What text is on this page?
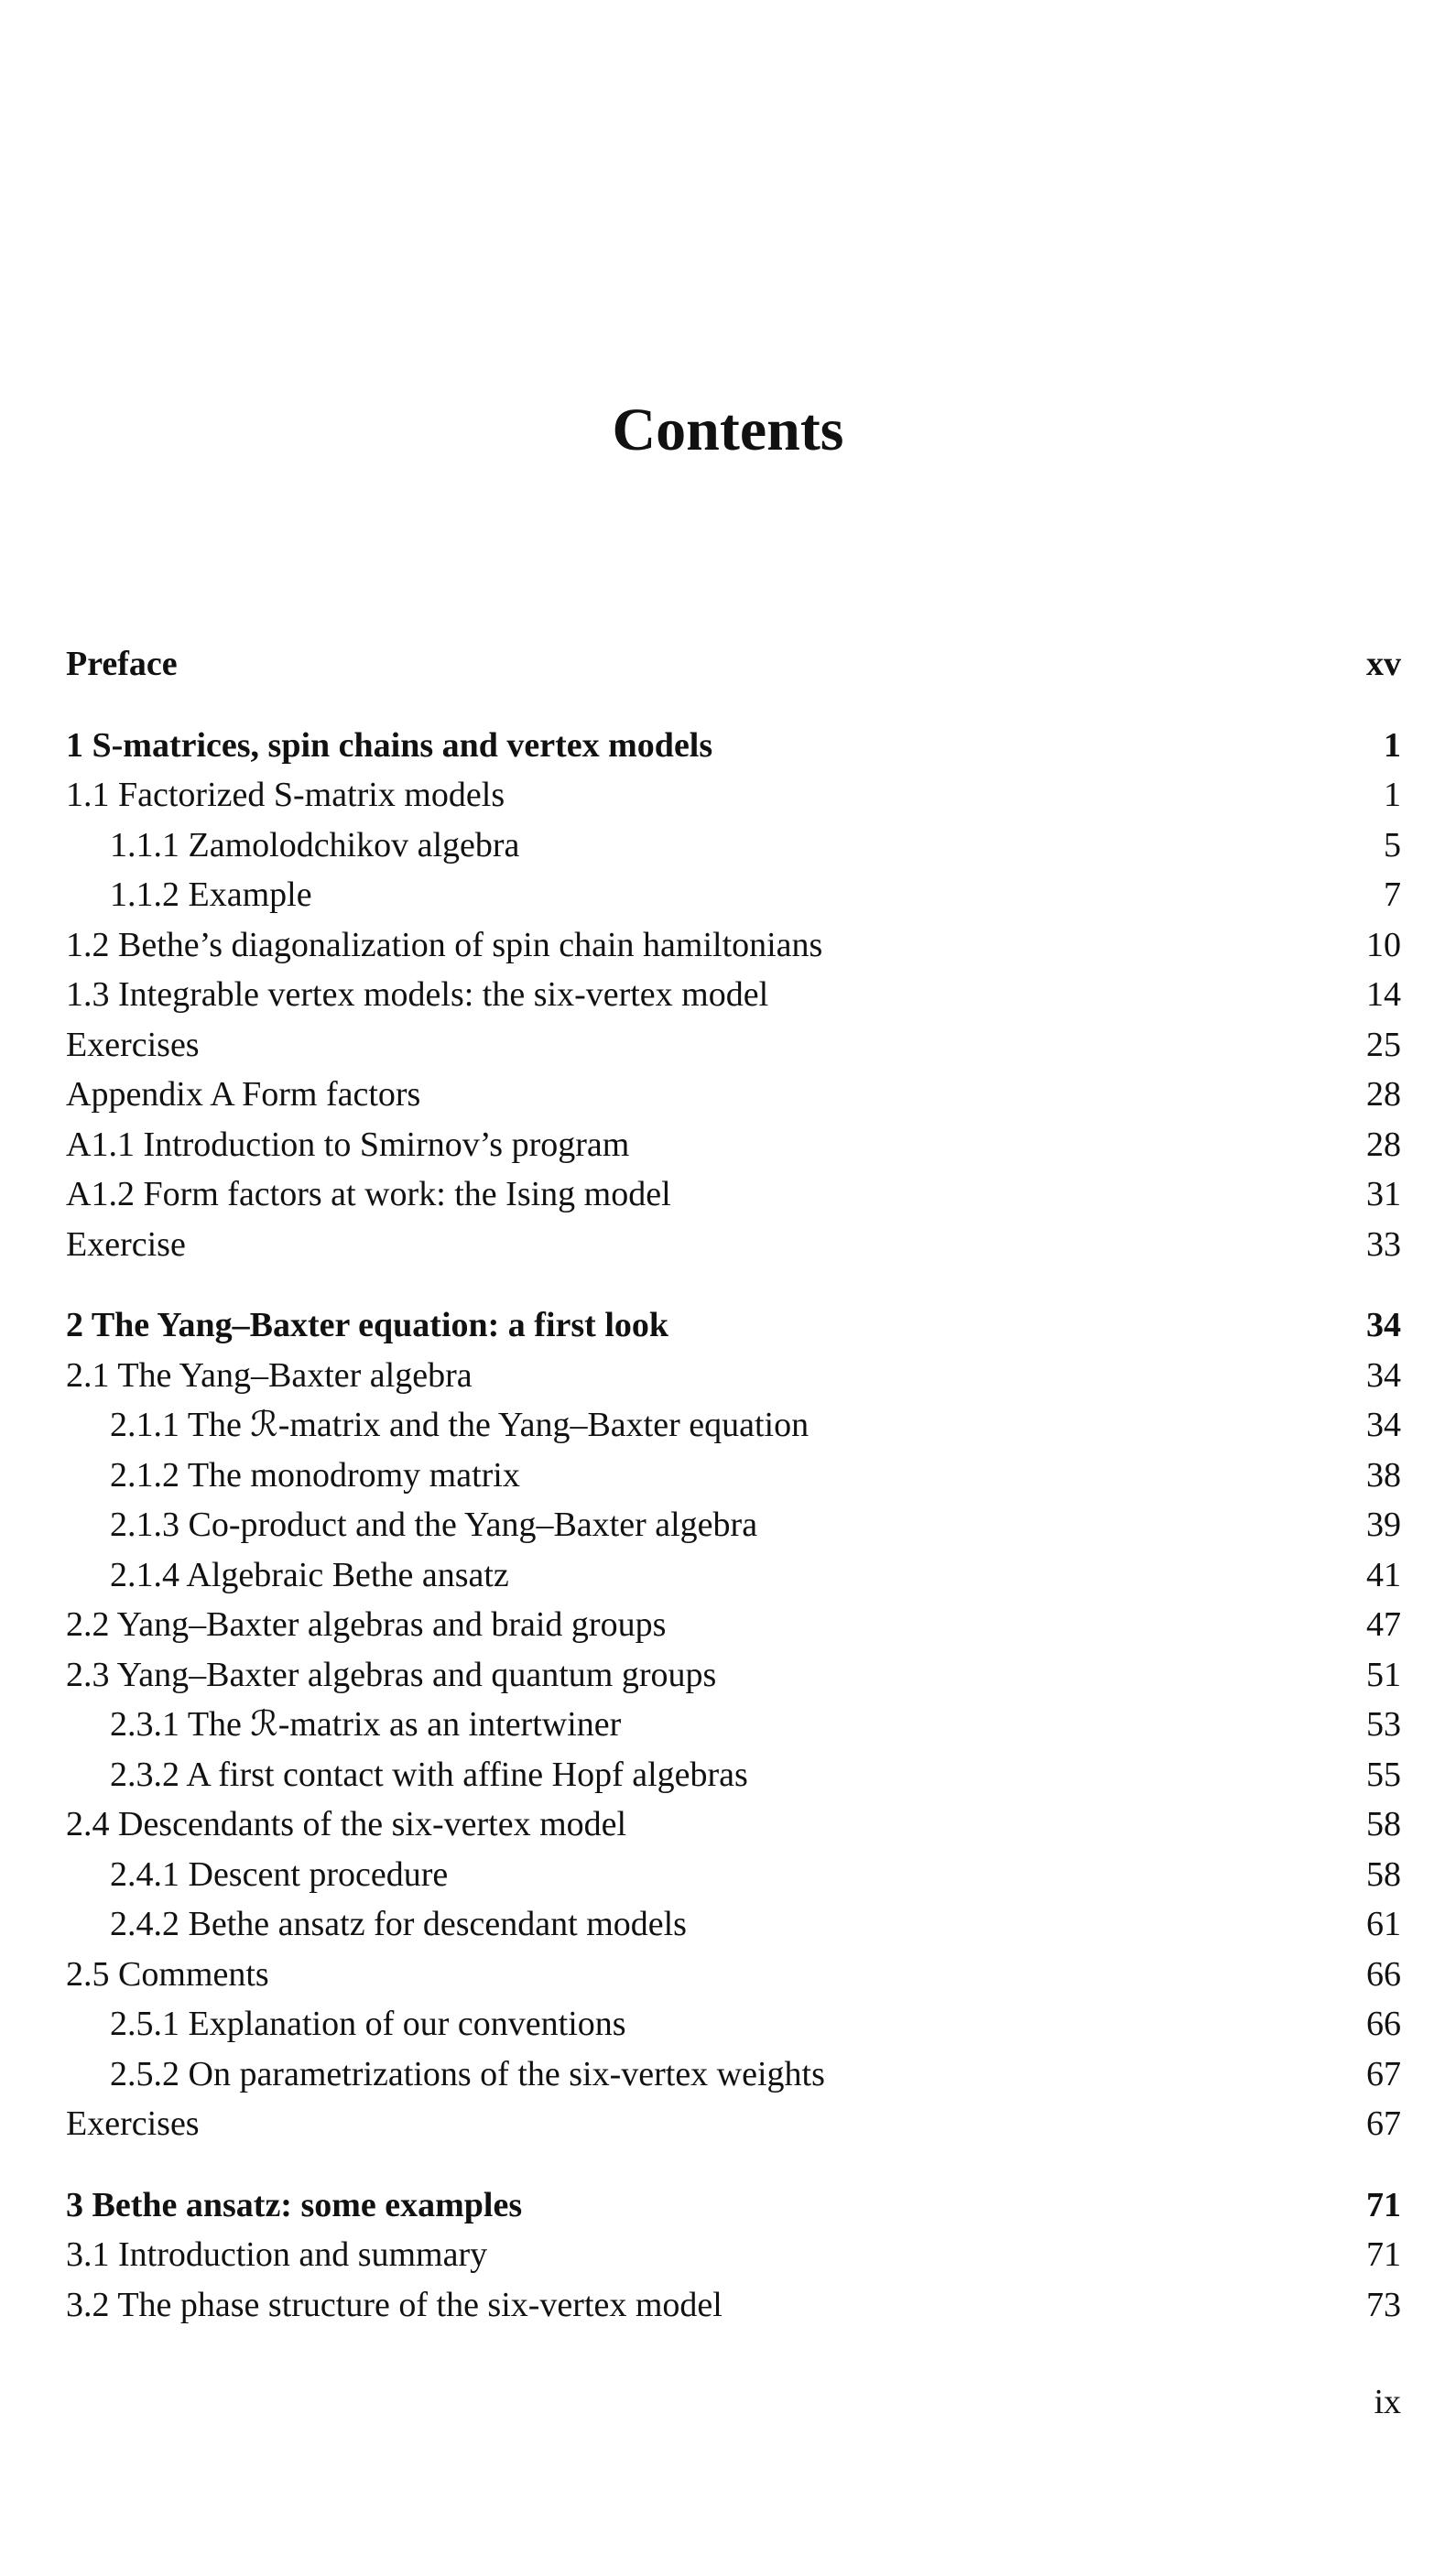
Contents
Preface	xv
1 S-matrices, spin chains and vertex models	1
1.1 Factorized S-matrix models	1
1.1.1 Zamolodchikov algebra	5
1.1.2 Example	7
1.2 Bethe’s diagonalization of spin chain hamiltonians	10
1.3 Integrable vertex models: the six-vertex model	14
Exercises	25
Appendix A Form factors	28
A1.1 Introduction to Smirnov’s program	28
A1.2 Form factors at work: the Ising model	31
Exercise	33
2 The Yang–Baxter equation: a first look	34
2.1 The Yang–Baxter algebra	34
2.1.1 The ℛ-matrix and the Yang–Baxter equation	34
2.1.2 The monodromy matrix	38
2.1.3 Co-product and the Yang–Baxter algebra	39
2.1.4 Algebraic Bethe ansatz	41
2.2 Yang–Baxter algebras and braid groups	47
2.3 Yang–Baxter algebras and quantum groups	51
2.3.1 The ℛ-matrix as an intertwiner	53
2.3.2 A first contact with affine Hopf algebras	55
2.4 Descendants of the six-vertex model	58
2.4.1 Descent procedure	58
2.4.2 Bethe ansatz for descendant models	61
2.5 Comments	66
2.5.1 Explanation of our conventions	66
2.5.2 On parametrizations of the six-vertex weights	67
Exercises	67
3 Bethe ansatz: some examples	71
3.1 Introduction and summary	71
3.2 The phase structure of the six-vertex model	73
ix
